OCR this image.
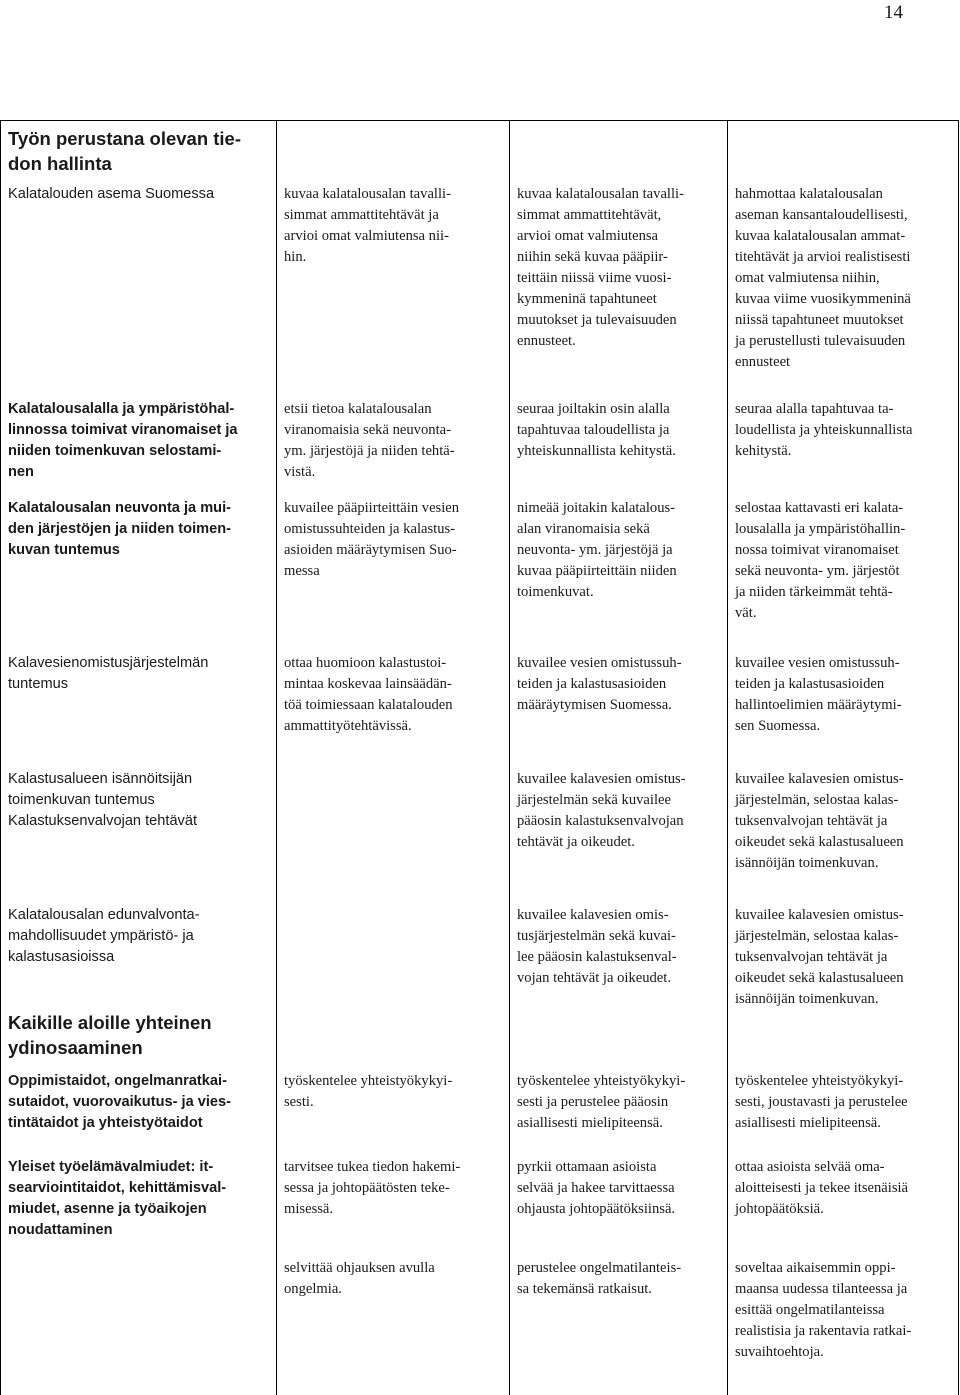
14
Työn perustana olevan tie-
don hallinta
Kalatalouden asema Suomessa	kuvaa kalatalousalan tavalli-
simmat ammattitehtävät ja
arvioi omat valmiutensa nii-
hin.
kuvaa kalatalousalan tavalli-
simmat ammattitehtävät,
arvioi omat valmiutensa
niihin sekä kuvaa pääpiir-
teittäin niissä viime vuosi-
kymmeninä tapahtuneet
muutokset ja tulevaisuuden
ennusteet.
hahmottaa kalatalousalan
aseman kansantaloudellisesti,
kuvaa kalatalousalan ammat-
titehtävät ja arvioi realistisesti
omat valmiutensa niihin,
kuvaa viime vuosikymmeninä
niissä tapahtuneet muutokset
ja perustellusti tulevaisuuden
ennusteet
Kalatalousalalla ja ympäristöhal-
linnossa toimivat viranomaiset ja
niiden toimenkuvan selostami-
nen
etsii tietoa kalatalousalan
viranomaisia sekä neuvonta-
ym. järjestöjä ja niiden tehtä-
vistä.
seuraa joiltakin osin alalla
tapahtuvaa taloudellista ja
yhteiskunnallista kehitystä.
seuraa alalla tapahtuvaa ta-
loudellista ja yhteiskunnallista
kehitystä.
Kalatalousalan neuvonta ja mui-
den järjestöjen ja niiden toimen-
kuvan tuntemus
kuvailee pääpiirteittäin vesien
omistussuhteiden ja kalastus-
asioiden määräytymisen Suo-
messa
nimeää joitakin kalatalous-
alan viranomaisia sekä
neuvonta- ym. järjestöjä ja
kuvaa pääpiirteittäin niiden
toimenkuvat.
selostaa kattavasti eri kalata-
lousalalla ja ympäristöhallin-
nossa toimivat viranomaiset
sekä neuvonta- ym. järjestöt
ja niiden tärkeimmät tehtä-
vät.
Kalavesienomistusjärjestelmän
tuntemus
ottaa huomioon kalastustoi-
mintaa koskevaa lainsäädän-
töä toimiessaan kalatalouden
ammattityötehtävissä.
kuvailee vesien omistussuh-
teiden ja kalastusasioiden
määräytymisen Suomessa.
kuvailee vesien omistussuh-
teiden ja kalastusasioiden
hallintoelimien määräytymi-
sen Suomessa.
Kalastusalueen isännöitsijän
toimenkuvan tuntemus
Kalastuksenvalvojan tehtävät
kuvailee kalavesien omistus-
järjestelmän sekä kuvailee
pääosin kalastuksenvalvojan
tehtävät ja oikeudet.
kuvailee kalavesien omistus-
järjestelmän, selostaa kalas-
tuksenvalvojan tehtävät ja
oikeudet sekä kalastusalueen
isännöijän toimenkuvan.
Kalatalousalan edunvalvonta-
mahdollisuudet ympäristö- ja
kalastusasioissa
kuvailee kalavesien omis-
tusjärjestelmän sekä kuvai-
lee pääosin kalastuksenval-
vojan tehtävät ja oikeudet.
kuvailee kalavesien omistus-
järjestelmän, selostaa kalas-
tuksenvalvojan tehtävät ja
oikeudet sekä kalastusalueen
isännöijän toimenkuvan.
Kaikille aloille yhteinen
ydinosaaminen
Oppimistaidot, ongelmanratkai-
sutaidot, vuorovaikutus- ja vies-
tintätaidot ja yhteistyötaidot
työskentelee yhteistyökykyi-
sesti.
työskentelee yhteistyökykyi-
sesti ja perustelee pääosin
asiallisesti mielipiteensä.
työskentelee yhteistyökykyi-
sesti, joustavasti ja perustelee
asiallisesti mielipiteensä.
Yleiset työelämävalmiudet: it-
searviointitaidot, kehittämisval-
miudet, asenne ja työaikojen
noudattaminen
tarvitsee tukea tiedon hakemi-
sessa ja johtopäätösten teke-
misessä.
pyrkii ottamaan asioista
selvää ja hakee tarvittaessa
ohjausta johtopäätöksiinsä.
ottaa asioista selvää oma-
aloitteisesti ja tekee itsenäisiä
johtopäätöksiä.
selvittää ohjauksen avulla
ongelmia.
perustelee ongelmatilanteis-
sa tekemänsä ratkaisut.
soveltaa aikaisemmin oppi-
maansa uudessa tilanteessa ja
esittää ongelmatilanteissa
realistisia ja rakentavia ratkai-
suvaihtoehtoja.
